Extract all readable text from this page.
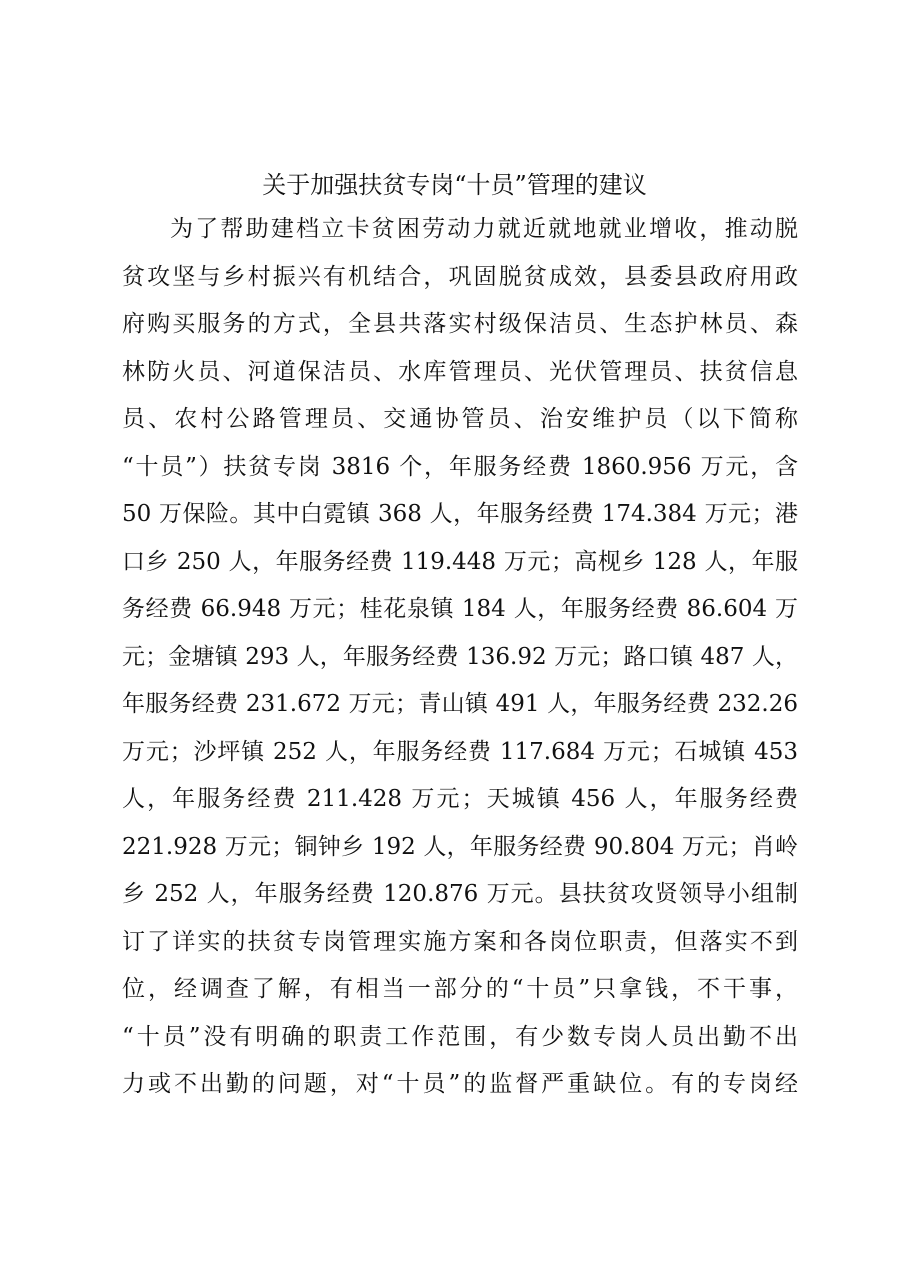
关于加强扶贫专岗“十员”管理的建议
为了帮助建档立卡贫困劳动力就近就地就业增收，推动脱
贫攻坚与乡村振兴有机结合，巩固脱贫成效，县委县政府用政
府购买服务的方式，全县共落实村级保洁员、生态护林员、森
林防火员、河道保洁员、水库管理员、光伏管理员、扶贫信息
员、农村公路管理员、交通协管员、治安维护员（以下简称
“十员”）扶贫专岗 3816 个，年服务经费 1860.956 万元，含
50 万保险。其中白霓镇 368 人，年服务经费 174.384 万元；港
口乡 250 人，年服务经费 119.448 万元；高枧乡 128 人，年服
务经费 66.948 万元；桂花泉镇 184 人，年服务经费 86.604 万
元；金塘镇 293 人，年服务经费 136.92 万元；路口镇 487 人，
年服务经费 231.672 万元；青山镇 491 人，年服务经费 232.26
万元；沙坪镇 252 人，年服务经费 117.684 万元；石城镇 453
人，年服务经费 211.428 万元；天城镇 456 人，年服务经费
221.928 万元；铜钟乡 192 人，年服务经费 90.804 万元；肖岭
乡 252 人，年服务经费 120.876 万元。县扶贫攻贤领导小组制
订了详实的扶贫专岗管理实施方案和各岗位职责，但落实不到
位，经调查了解，有相当一部分的“十员”只拿钱，不干事，
“十员”没有明确的职责工作范围，有少数专岗人员出勤不出
力或不出勤的问题，对“十员”的监督严重缺位。有的专岗经
